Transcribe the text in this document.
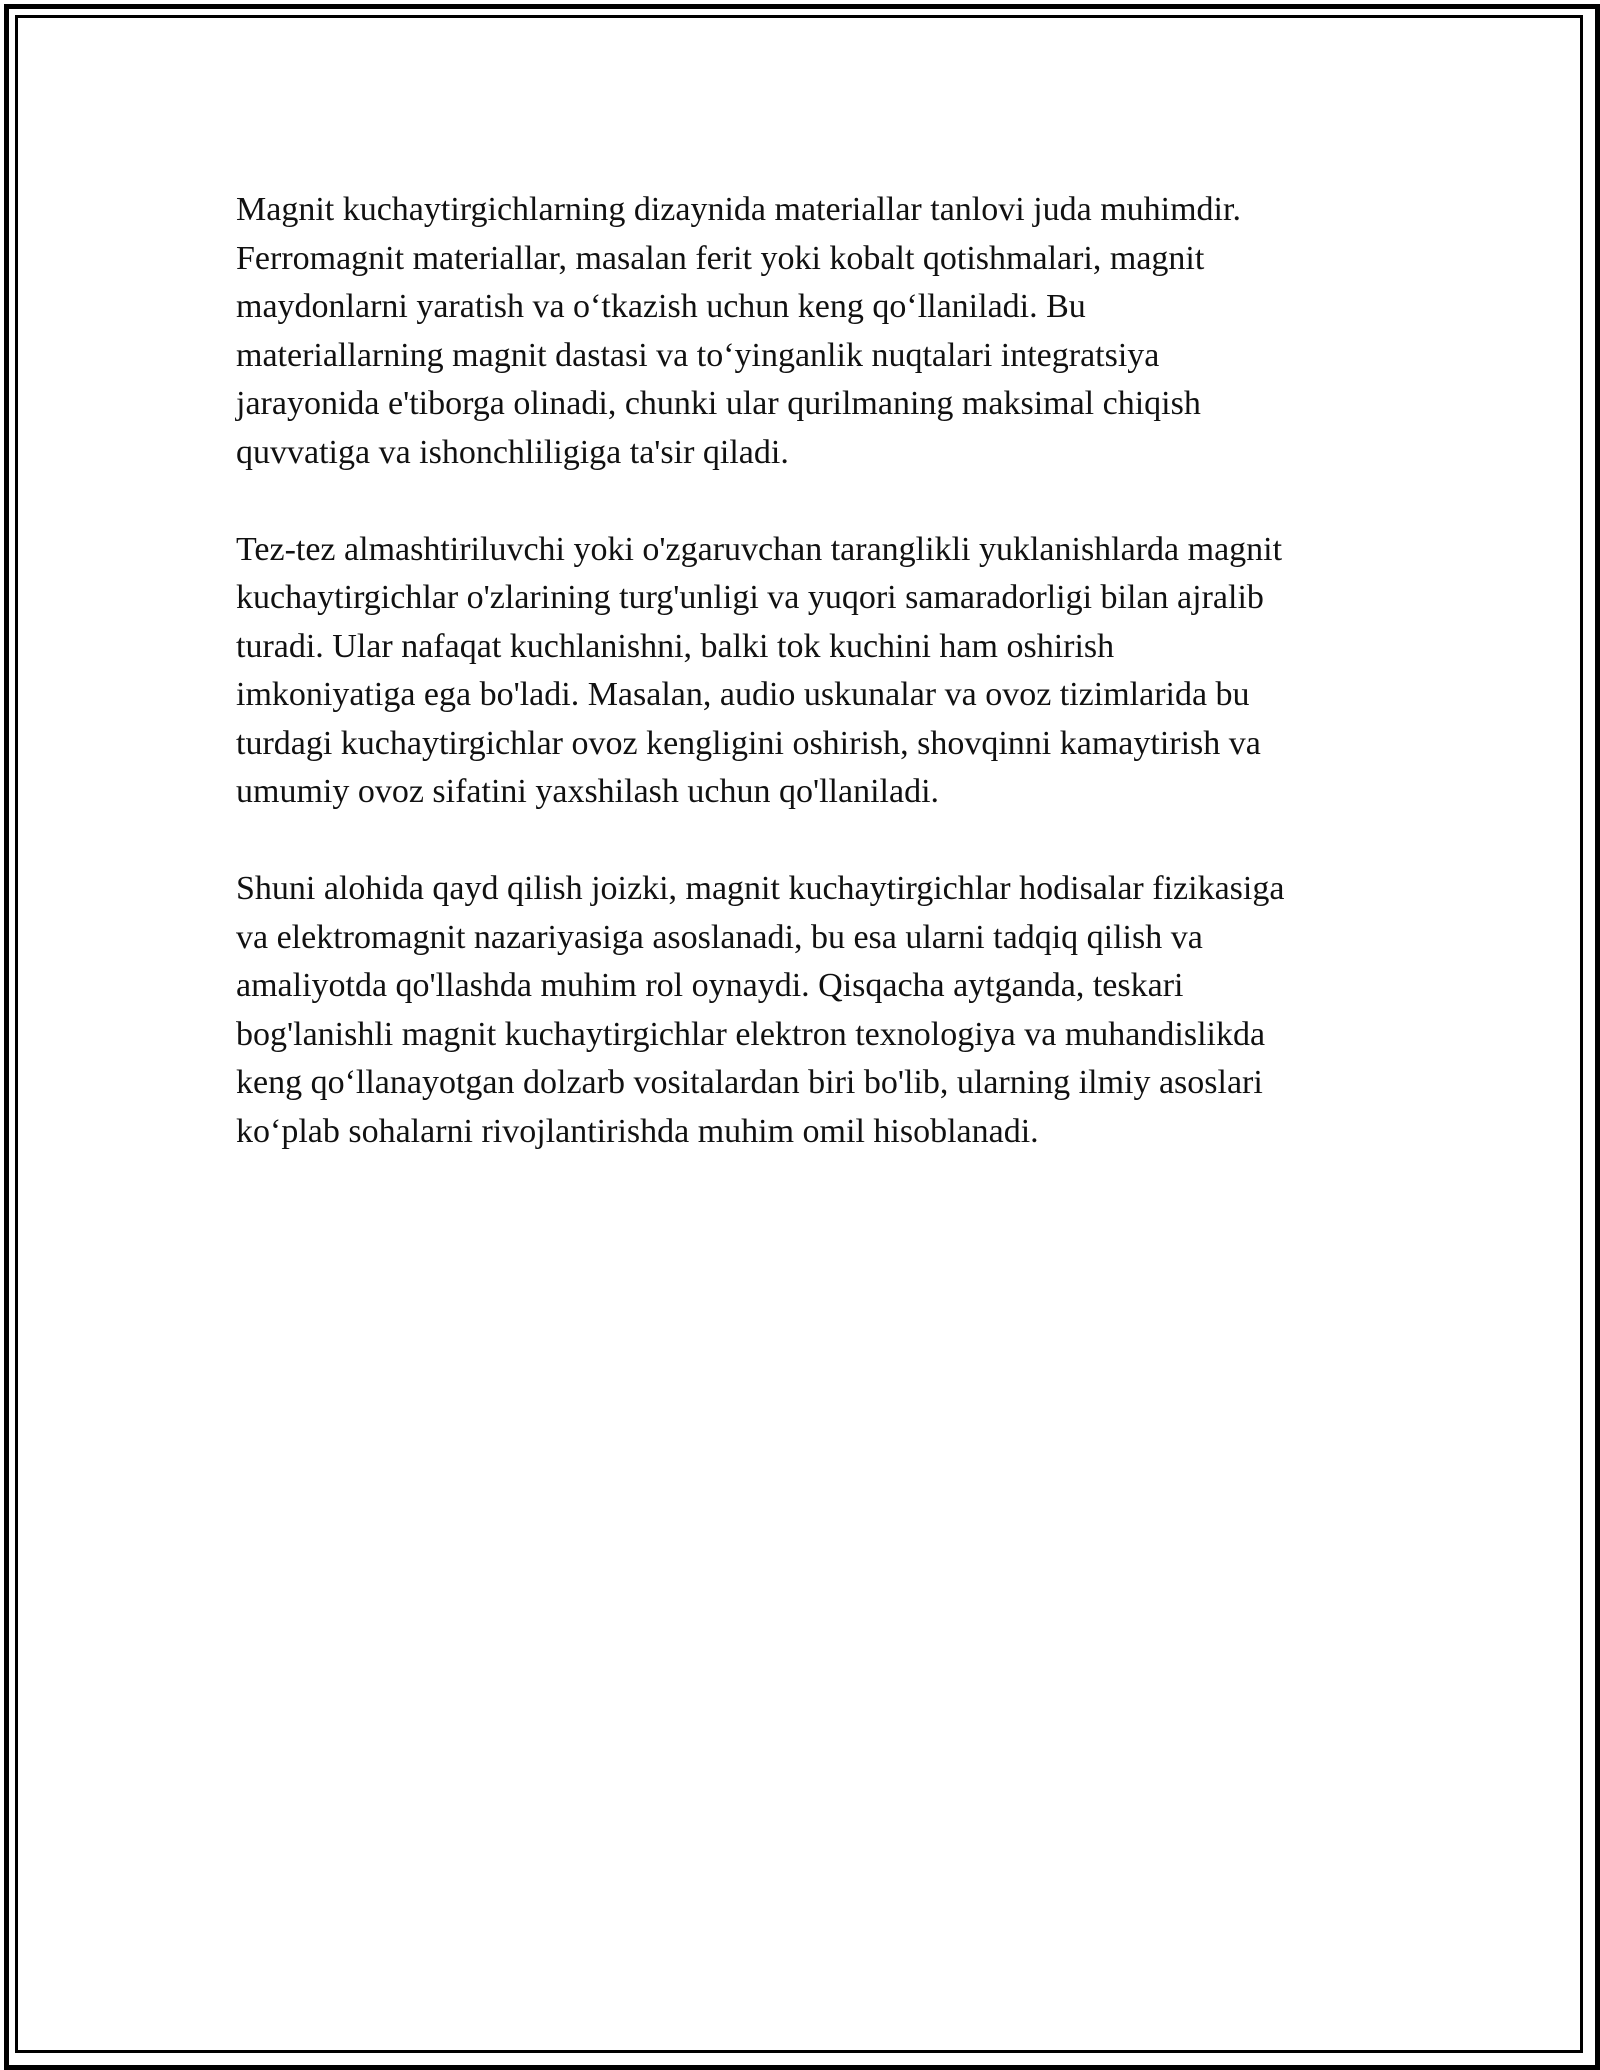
Magnit kuchaytirgichlarning dizaynida materiallar tanlovi juda muhimdir.
Ferromagnit materiallar, masalan ferit yoki kobalt qotishmalari, magnit
maydonlarni yaratish va o‘tkazish uchun keng qo‘llaniladi. Bu
materiallarning magnit dastasi va to‘yinganlik nuqtalari integratsiya
jarayonida e'tiborga olinadi, chunki ular qurilmaning maksimal chiqish
quvvatiga va ishonchliligiga ta'sir qiladi.

Tez-tez almashtiriluvchi yoki o'zgaruvchan taranglikli yuklanishlarda magnit
kuchaytirgichlar o'zlarining turg'unligi va yuqori samaradorligi bilan ajralib
turadi. Ular nafaqat kuchlanishni, balki tok kuchini ham oshirish
imkoniyatiga ega bo'ladi. Masalan, audio uskunalar va ovoz tizimlarida bu
turdagi kuchaytirgichlar ovoz kengligini oshirish, shovqinni kamaytirish va
umumiy ovoz sifatini yaxshilash uchun qo'llaniladi.

Shuni alohida qayd qilish joizki, magnit kuchaytirgichlar hodisalar fizikasiga
va elektromagnit nazariyasiga asoslanadi, bu esa ularni tadqiq qilish va
amaliyotda qo'llashda muhim rol oynaydi. Qisqacha aytganda, teskari
bog'lanishli magnit kuchaytirgichlar elektron texnologiya va muhandislikda
keng qo‘llanayotgan dolzarb vositalardan biri bo'lib, ularning ilmiy asoslari
ko‘plab sohalarni rivojlantirishda muhim omil hisoblanadi.
